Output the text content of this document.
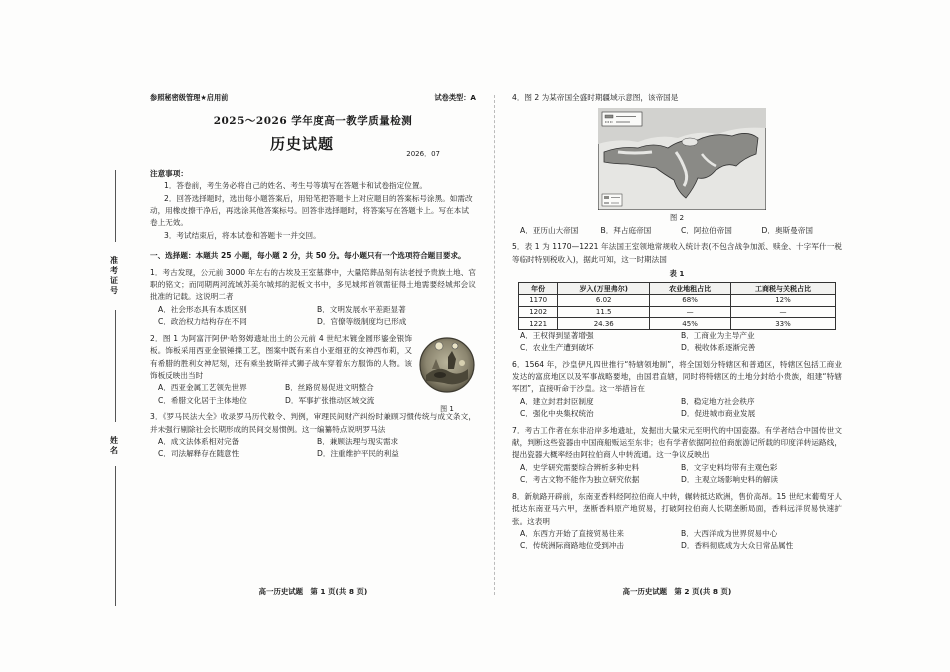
准考证号
姓名
参照秘密级管理★启用前	试卷类型：A
2025～2026 学年度高一教学质量检测
历史试题
2026．07
注意事项：
1．答卷前，考生务必将自己的姓名、考生号等填写在答题卡和试卷指定位置。
2．回答选择题时，选出每小题答案后，用铅笔把答题卡上对应题目的答案标号涂黑。如需改动，用橡皮擦干净后，再选涂其他答案标号。回答非选择题时，将答案写在答题卡上。写在本试卷上无效。
3．考试结束后，将本试卷和答题卡一并交回。
一、选择题：本题共 25 小题，每小题 2 分，共 50 分。每小题只有一个选项符合题目要求。
1．考古发现，公元前 3000 年左右的古埃及王室墓葬中，大量陪葬品刻有法老授予贵族土地、官职的铭文；而同期两河流域苏美尔城邦的泥板文书中，多见城邦首领需征得土地需要经城邦会议批准的记载。这说明二者
A．社会形态具有本质区别	B．文明发展水平差距显著
C．政治权力结构存在不同	D．官僚等级制度均已形成
2．图 1 为阿富汗阿伊·哈努姆遗址出土的公元前 4 世纪末镀金圆形鎏金银饰板。饰板采用西亚金银锤揲工艺，图案中既有来自小亚细亚的女神西布莉，又有希腊的胜利女神尼刻，还有乘坐披斯祥式狮子战车穿着东方服饰的人物。该饰板反映出当时
图 1
A．西亚金属工艺领先世界	B．丝路贸易促进文明整合
C．希腊文化居于主体地位	D．军事扩张推动区域交流
3．《罗马民法大全》收录罗马历代敕令、判例，审理民间财产纠纷时兼顾习惯传统与成文条文，并未强行剔除社会长期形成的民间交易惯例。这一编纂特点说明罗马法
A．成文法体系相对完备	B．兼顾法理与现实需求
C．司法解释存在随意性	D．注重维护平民的利益
高一历史试题　第 1 页(共 8 页)
4．图 2 为某帝国全盛时期疆域示意图，该帝国是
图 2
A．亚历山大帝国	B．拜占庭帝国	C．阿拉伯帝国	D．奥斯曼帝国
5．表 1 为 1170—1221 年法国王室领地常规收入统计表(不包含战争加派、赎金、十字军什一税等临时特别税收入)，据此可知，这一时期法国
表 1
年份	岁入(万里弗尔)	农业地租占比	工商税与关税占比
1170	6.02	68%	12%
1202	11.5	—	—
1221	24.36	45%	33%
A．王权得到显著增强	B．工商业为主导产业
C．农业生产遭到破坏	D．税收体系逐渐完善
6．1564 年，沙皇伊凡四世推行“特辖领地制”，将全国划分特辖区和普通区，特辖区包括工商业发达的富庶地区以及军事战略要地，由国君直辖，同时将特辖区的土地分封给小贵族，组建“特辖军团”，直接听命于沙皇。这一举措旨在
A．建立封君封臣制度	B．稳定地方社会秩序
C．强化中央集权统治	D．促进城市商业发展
7．考古工作者在东非沿岸多地遗址，发掘出大量宋元至明代的中国瓷器。有学者结合中国传世文献，判断这些瓷器由中国商船贩运至东非；也有学者依据阿拉伯商旅游记所载的印度洋转运路线，提出瓷器大概率经由阿拉伯商人中转流通。这一争议反映出
A．史学研究需要综合辨析多种史料	B．文字史料均带有主观色彩
C．考古文物不能作为独立研究依据	D．主观立场影响史料的解读
8．新航路开辟前，东南亚香料经阿拉伯商人中转，辗转抵达欧洲，售价高昂。15 世纪末葡萄牙人抵达东南亚马六甲，垄断香料原产地贸易，打破阿拉伯商人长期垄断局面，香料远洋贸易快速扩张。这表明
A．东西方开始了直接贸易往来	B．大西洋成为世界贸易中心
C．传统洲际商路地位受到冲击	D．香料彻底成为大众日常品属性
高一历史试题　第 2 页(共 8 页)
